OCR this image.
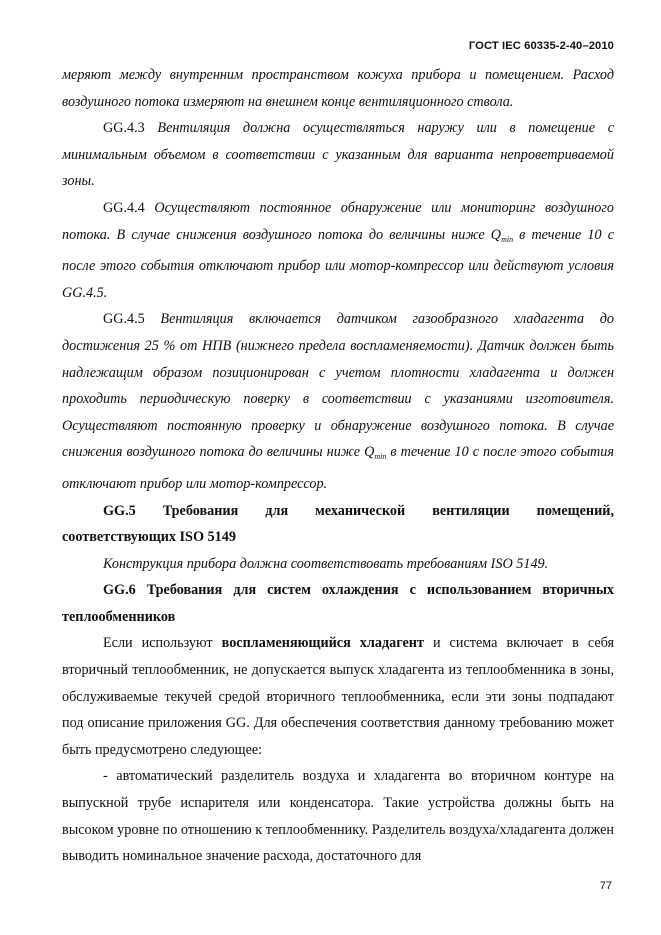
ГОСТ IEC 60335-2-40–2010

меряют между внутренним пространством кожуха прибора и помещением. Расход воздушного потока измеряют на внешнем конце вентиляционного ствола.

GG.4.3 Вентиляция должна осуществляться наружу или в помещение с минимальным объемом в соответствии с указанным для варианта непроветриваемой зоны.

GG.4.4 Осуществляют постоянное обнаружение или мониторинг воздушного потока. В случае снижения воздушного потока до величины ниже $Q_{min}$ в течение 10 с после этого события отключают прибор или мотор-компрессор или действуют условия GG.4.5.

GG.4.5 Вентиляция включается датчиком газообразного хладагента до достижения 25 % от НПВ (нижнего предела воспламеняемости). Датчик должен быть надлежащим образом позиционирован с учетом плотности хладагента и должен проходить периодическую поверку в соответствии с указаниями изготовителя. Осуществляют постоянную проверку и обнаружение воздушного потока. В случае снижения воздушного потока до величины ниже $Q_{min}$ в течение 10 с после этого события отключают прибор или мотор-компрессор.

GG.5 Требования для механической вентиляции помещений, соответствующих ISO 5149

Конструкция прибора должна соответствовать требованиям ISO 5149.

GG.6 Требования для систем охлаждения с использованием вторичных теплообменников

Если используют воспламеняющийся хладагент и система включает в себя вторичный теплообменник, не допускается выпуск хладагента из теплообменника в зоны, обслуживаемые текучей средой вторичного теплообменника, если эти зоны подпадают под описание приложения GG. Для обеспечения соответствия данному требованию может быть предусмотрено следующее:

- автоматический разделитель воздуха и хладагента во вторичном контуре на выпускной трубе испарителя или конденсатора. Такие устройства должны быть на высоком уровне по отношению к теплообменнику. Разделитель воздуха/хладагента должен выводить номинальное значение расхода, достаточного для

77
